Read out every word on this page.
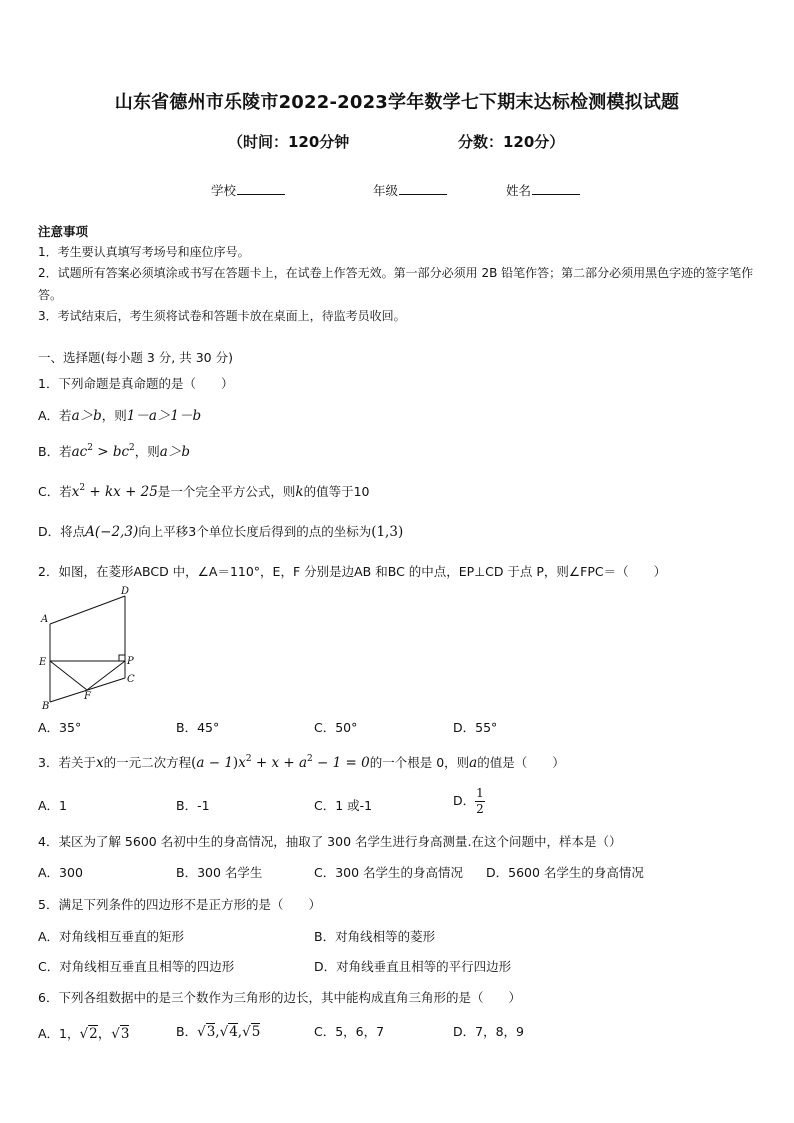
山东省德州市乐陵市2022-2023学年数学七下期末达标检测模拟试题
（时间：120分钟	分数：120分）
学校	年级	姓名
注意事项
1．考生要认真填写考场号和座位序号。
2．试题所有答案必须填涂或书写在答题卡上，在试卷上作答无效。第一部分必须用 2B 铅笔作答；第二部分必须用黑色字迹的签字笔作答。
3．考试结束后，考生须将试卷和答题卡放在桌面上，待监考员收回。
一、选择题(每小题 3 分, 共 30 分)
1．下列命题是真命题的是（　　）
A．若a＞b，则1－a＞1－b
B．若$ac^2 > bc^2$，则a＞b
C．若$x^2$ + kx + 25是一个完全平方公式，则k的值等于10
D．将点A(−2,3)向上平移3个单位长度后得到的点的坐标为(1,3)
2．如图，在菱形ABCD 中，∠A＝110°，E，F 分别是边AB 和BC 的中点，EP⊥CD 于点 P，则∠FPC＝（　　）
D
A
E	P
C
F
B
A．35°	B．45°	C．50°	D．55°
3．若关于x的一元二次方程$(a - 1)x^2 + x + a^2 - 1 = 0$的一个根是 0，则a的值是（　　）
A．1	B．-1	C．1 或-1	D． $\frac{1}{2}$
4．某区为了解 5600 名初中生的身高情况，抽取了 300 名学生进行身高测量.在这个问题中，样本是（）
A．300	B．300 名学生	C．300 名学生的身高情况 D．5600 名学生的身高情况
5．满足下列条件的四边形不是正方形的是（　　）
A．对角线相互垂直的矩形	B．对角线相等的菱形
C．对角线相互垂直且相等的四边形	D．对角线垂直且相等的平行四边形
6．下列各组数据中的是三个数作为三角形的边长，其中能构成直角三角形的是（　　）
A．1，√2，√3	B．√3,√4,√5	C．5，6，7	D．7，8，9
